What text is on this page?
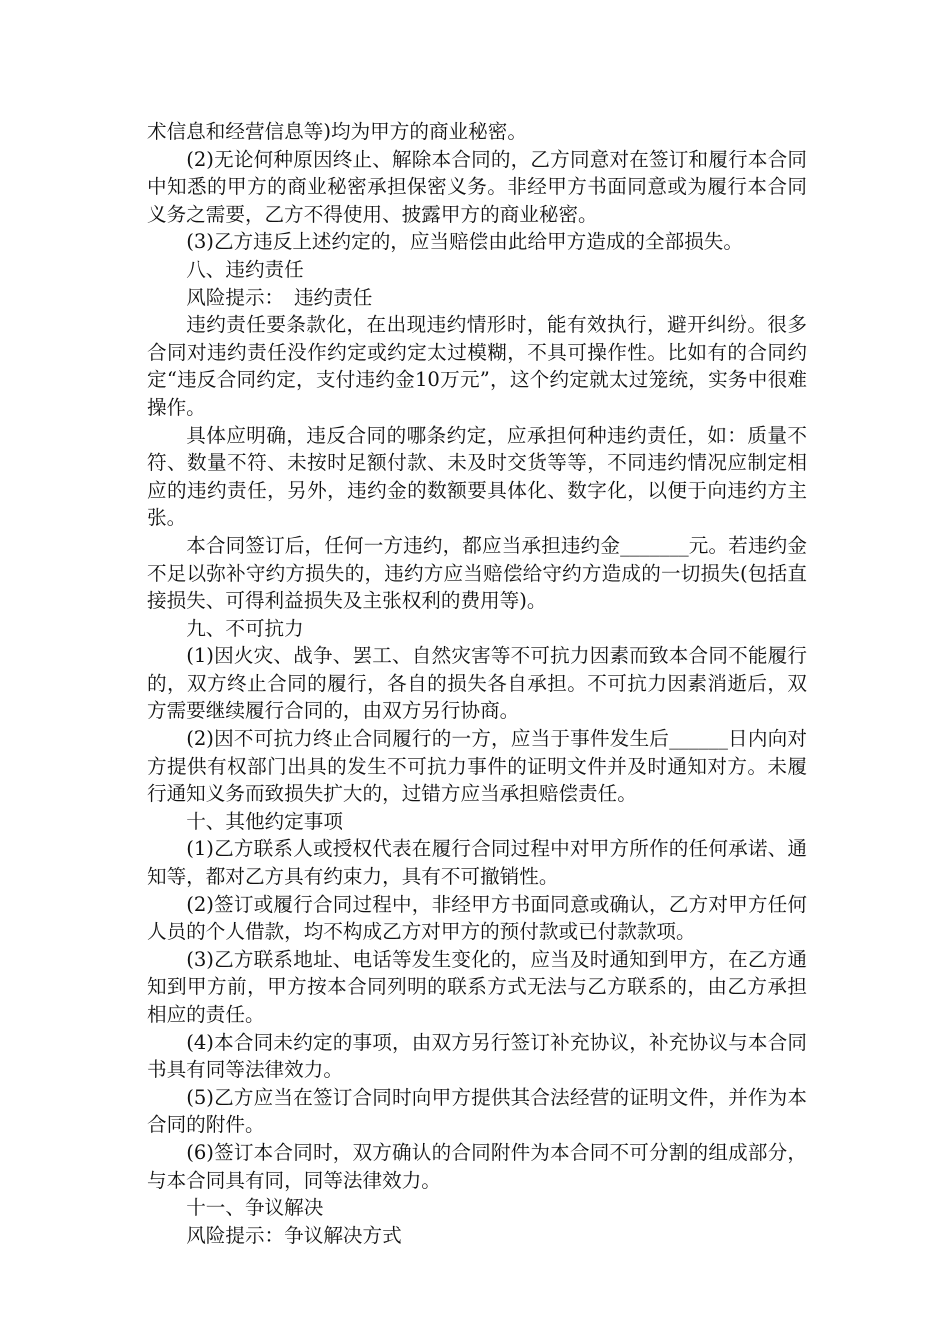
术信息和经营信息等)均为甲方的商业秘密。

(2)无论何种原因终止、解除本合同的，乙方同意对在签订和履行本合同中知悉的甲方的商业秘密承担保密义务。非经甲方书面同意或为履行本合同义务之需要，乙方不得使用、披露甲方的商业秘密。

(3)乙方违反上述约定的，应当赔偿由此给甲方造成的全部损失。

八、违约责任

风险提示：　违约责任

违约责任要条款化，在出现违约情形时，能有效执行，避开纠纷。很多合同对违约责任没作约定或约定太过模糊，不具可操作性。比如有的合同约定“违反合同约定，支付违约金10万元”，这个约定就太过笼统，实务中很难操作。

具体应明确，违反合同的哪条约定，应承担何种违约责任，如：质量不符、数量不符、未按时足额付款、未及时交货等等，不同违约情况应制定相应的违约责任，另外，违约金的数额要具体化、数字化，以便于向违约方主张。

本合同签订后，任何一方违约，都应当承担违约金_______元。若违约金不足以弥补守约方损失的，违约方应当赔偿给守约方造成的一切损失(包括直接损失、可得利益损失及主张权利的费用等)。

九、不可抗力

(1)因火灾、战争、罢工、自然灾害等不可抗力因素而致本合同不能履行的，双方终止合同的履行，各自的损失各自承担。不可抗力因素消逝后，双方需要继续履行合同的，由双方另行协商。

(2)因不可抗力终止合同履行的一方，应当于事件发生后______日内向对方提供有权部门出具的发生不可抗力事件的证明文件并及时通知对方。未履行通知义务而致损失扩大的，过错方应当承担赔偿责任。

十、其他约定事项

(1)乙方联系人或授权代表在履行合同过程中对甲方所作的任何承诺、通知等，都对乙方具有约束力，具有不可撤销性。

(2)签订或履行合同过程中，非经甲方书面同意或确认，乙方对甲方任何人员的个人借款，均不构成乙方对甲方的预付款或已付款款项。

(3)乙方联系地址、电话等发生变化的，应当及时通知到甲方，在乙方通知到甲方前，甲方按本合同列明的联系方式无法与乙方联系的，由乙方承担相应的责任。

(4)本合同未约定的事项，由双方另行签订补充协议，补充协议与本合同书具有同等法律效力。

(5)乙方应当在签订合同时向甲方提供其合法经营的证明文件，并作为本合同的附件。

(6)签订本合同时，双方确认的合同附件为本合同不可分割的组成部分，与本合同具有同，同等法律效力。

十一、争议解决

风险提示：争议解决方式
